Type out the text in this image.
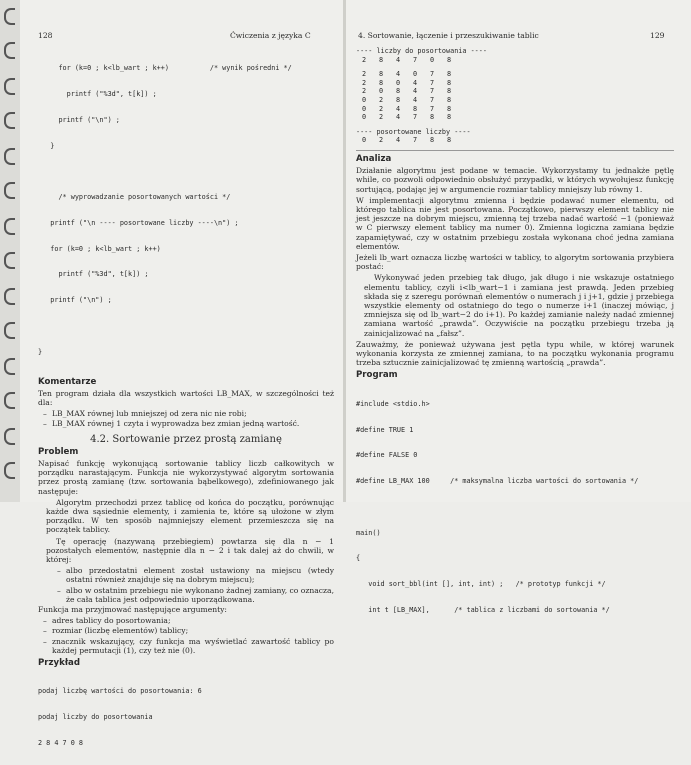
128	Ćwiczenia z języka C	4. Sortowanie, łączenie i przeszukiwanie tablic	129

for (k=0 ; k<lb_wart ; k++)          /* wynik pośredni */

printf ("%3d", t[k]) ;

printf ("\n") ;

}

/* wyprowadzanie posortowanych wartości */

printf ("\n ---- posortowane liczby ----\n") ;

for (k=0 ; k<lb_wart ; k++)

printf ("%3d", t[k]) ;

printf ("\n") ;

}

Komentarze
Ten program działa dla wszystkich wartości LB_MAX, w szczególności też dla:
– LB_MAX równej lub mniejszej od zera nic nie robi;
– LB_MAX równej 1 czyta i wyprowadza bez zmian jedną wartość.
4.2. Sortowanie przez prostą zamianę
Problem
Napisać funkcję wykonującą sortowanie tablicy liczb całkowitych w porządku narastającym. Funkcja nie wykorzystywać algorytm sortowania przez prostą zamianę (tzw. sortowania bąbelkowego), zdefiniowanego jak następuje:
Algorytm przechodzi przez tablicę od końca do początku, porównując każde dwa sąsiednie elementy, i zamienia te, które są ułożone w złym porządku. W ten sposób najmniejszy element przemieszcza się na początek tablicy.
Tę operację (nazywaną przebiegiem) powtarza się dla n − 1 pozostałych elementów, następnie dla n − 2 i tak dalej aż do chwili, w której:
– albo przedostatni element został ustawiony na miejscu (wtedy ostatni również znajduje się na dobrym miejscu);
– albo w ostatnim przebiegu nie wykonano żadnej zamiany, co oznacza, że cała tablica jest odpowiednio uporządkowana.
Funkcja ma przyjmować następujące argumenty:
– adres tablicy do posortowania;
– rozmiar (liczbę elementów) tablicy;
– znacznik wskazujący, czy funkcja ma wyświetlać zawartość tablicy po każdej permutacji (1), czy też nie (0).
Przykład

podaj liczbę wartości do posortowania: 6

podaj liczby do posortowania

2 8 4 7 0 8

---- liczby do posortowania ----
2 8 4 7 0 8
2 8 4 0 7 8
2 8 0 4 7 8
2 0 8 4 7 8
0 2 8 4 7 8
0 2 4 8 7 8
0 2 4 7 8 8
---- posortowane liczby ----
0 2 4 7 8 8
Analiza
Działanie algorytmu jest podane w temacie. Wykorzystamy tu jednakże pętlę while, co pozwoli odpowiednio obsłużyć przypadki, w których wywołujesz funkcję sortującą, podając jej w argumencie rozmiar tablicy mniejszy lub równy 1.
W implementacji algorytmu zmienna i będzie podawać numer elementu, od którego tablica nie jest posortowana. Początkowo, pierwszy element tablicy nie jest jeszcze na dobrym miejscu, zmienną tej trzeba nadać wartość −1 (ponieważ w C pierwszy element tablicy ma numer 0). Zmienna logiczna zamiana będzie zapamiętywać, czy w ostatnim przebiegu została wykonana choć jedna zamiana elementów.
Jeżeli lb_wart oznacza liczbę wartości w tablicy, to algorytm sortowania przybiera postać:
Wykonywać jeden przebieg tak długo, jak długo i nie wskazuje ostatniego elementu tablicy, czyli i<lb_wart−1 i zamiana jest prawdą. Jeden przebieg składa się z szeregu porównań elementów o numerach j i j+1, gdzie j przebiega wszystkie elementy od ostatniego do tego o numerze i+1 (inaczej mówiąc, j zmniejsza się od lb_wart−2 do i+1). Po każdej zamianie należy nadać zmiennej zamiana wartość „prawda”. Oczywiście na początku przebiegu trzeba ją zainicjalizować na „fałsz”.
Zauważmy, że ponieważ używana jest pętla typu while, w której warunek wykonania korzysta ze zmiennej zamiana, to na początku wykonania programu trzeba sztucznie zainicjalizować tę zmienną wartością „prawda”.
Program

#include <stdio.h>

#define TRUE 1

#define FALSE 0

#define LB_MAX 100     /* maksymalna liczba wartości do sortowania */

main()

{

void sort_bbl(int [], int, int) ;   /* prototyp funkcji */

int t [LB_MAX],      /* tablica z liczbami do sortowania */
